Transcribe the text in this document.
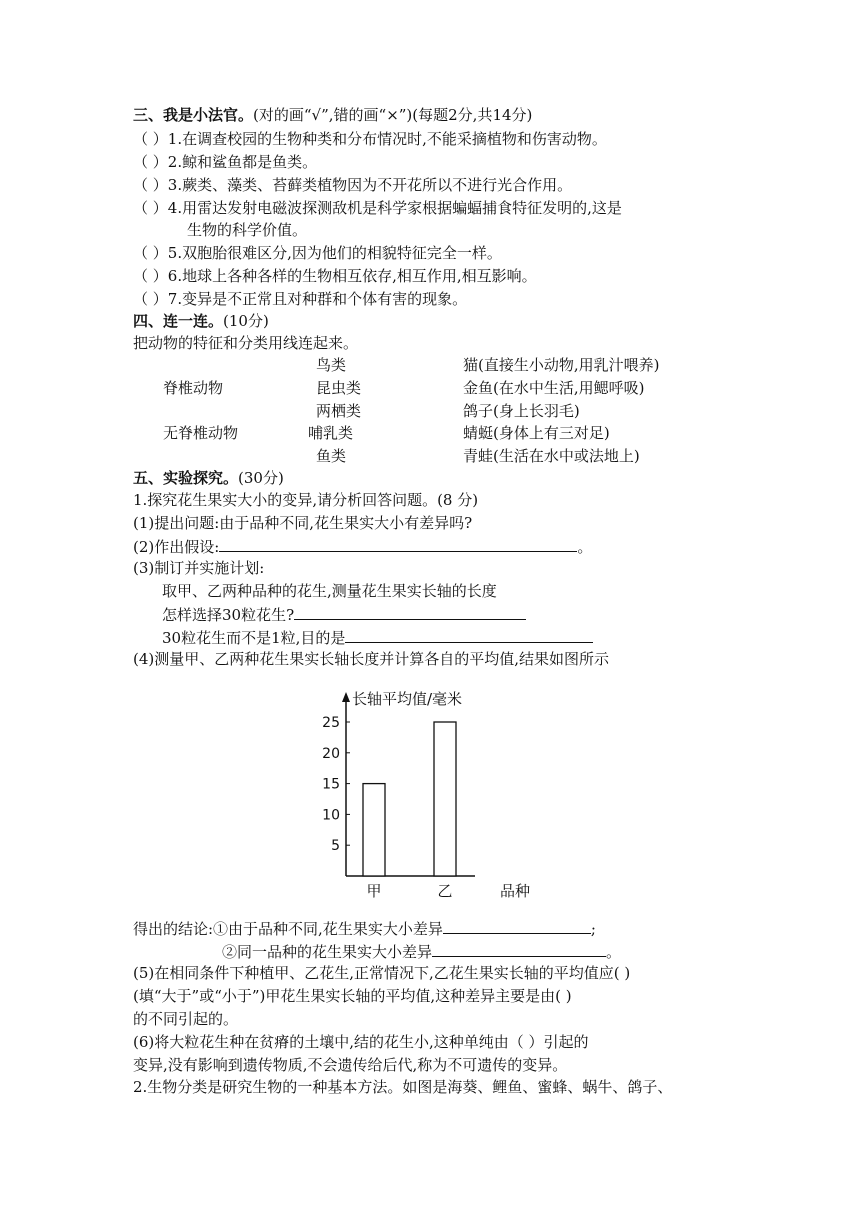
三、我是小法官。(对的画“√”,错的画“×”)(每题2分,共14分)
（ ）1.在调查校园的生物种类和分布情况时,不能采摘植物和伤害动物。
（ ）2.鲸和鲨鱼都是鱼类。
（ ）3.蕨类、藻类、苔藓类植物因为不开花所以不进行光合作用。
（ ）4.用雷达发射电磁波探测敌机是科学家根据蝙蝠捕食特征发明的,这是
生物的科学价值。
（ ）5.双胞胎很难区分,因为他们的相貌特征完全一样。
（ ）6.地球上各种各样的生物相互依存,相互作用,相互影响。
（ ）7.变异是不正常且对种群和个体有害的现象。
四、连一连。(10分)
把动物的特征和分类用线连起来。
脊椎动物
无脊椎动物
鸟类
昆虫类
两栖类
哺乳类
鱼类
猫(直接生小动物,用乳汁喂养)
金鱼(在水中生活,用鳃呼吸)
鸽子(身上长羽毛)
蜻蜓(身体上有三对足)
青蛙(生活在水中或法地上)
五、实验探究。(30分)
1.探究花生果实大小的变异,请分析回答问题。(8 分)
(1)提出问题:由于品种不同,花生果实大小有差异吗?
(2)作出假设:	。
(3)制订并实施计划:
取甲、乙两种品种的花生,测量花生果实长轴的长度
怎样选择30粒花生?
30粒花生而不是1粒,目的是
(4)测量甲、乙两种花生果实长轴长度并计算各自的平均值,结果如图所示
长轴平均值/毫米
5
10
15
20
25
甲	乙	品种
得出的结论:①由于品种不同,花生果实大小差异	;
②同一品种的花生果实大小差异	。
(5)在相同条件下种植甲、乙花生,正常情况下,乙花生果实长轴的平均值应( )
(填“大于”或“小于”)甲花生果实长轴的平均值,这种差异主要是由( )
的不同引起的。
(6)将大粒花生种在贫瘠的土壤中,结的花生小,这种单纯由（ ）引起的
变异,没有影响到遗传物质,不会遗传给后代,称为不可遗传的变异。
2.生物分类是研究生物的一种基本方法。如图是海葵、鲤鱼、蜜蜂、蜗牛、鸽子、
